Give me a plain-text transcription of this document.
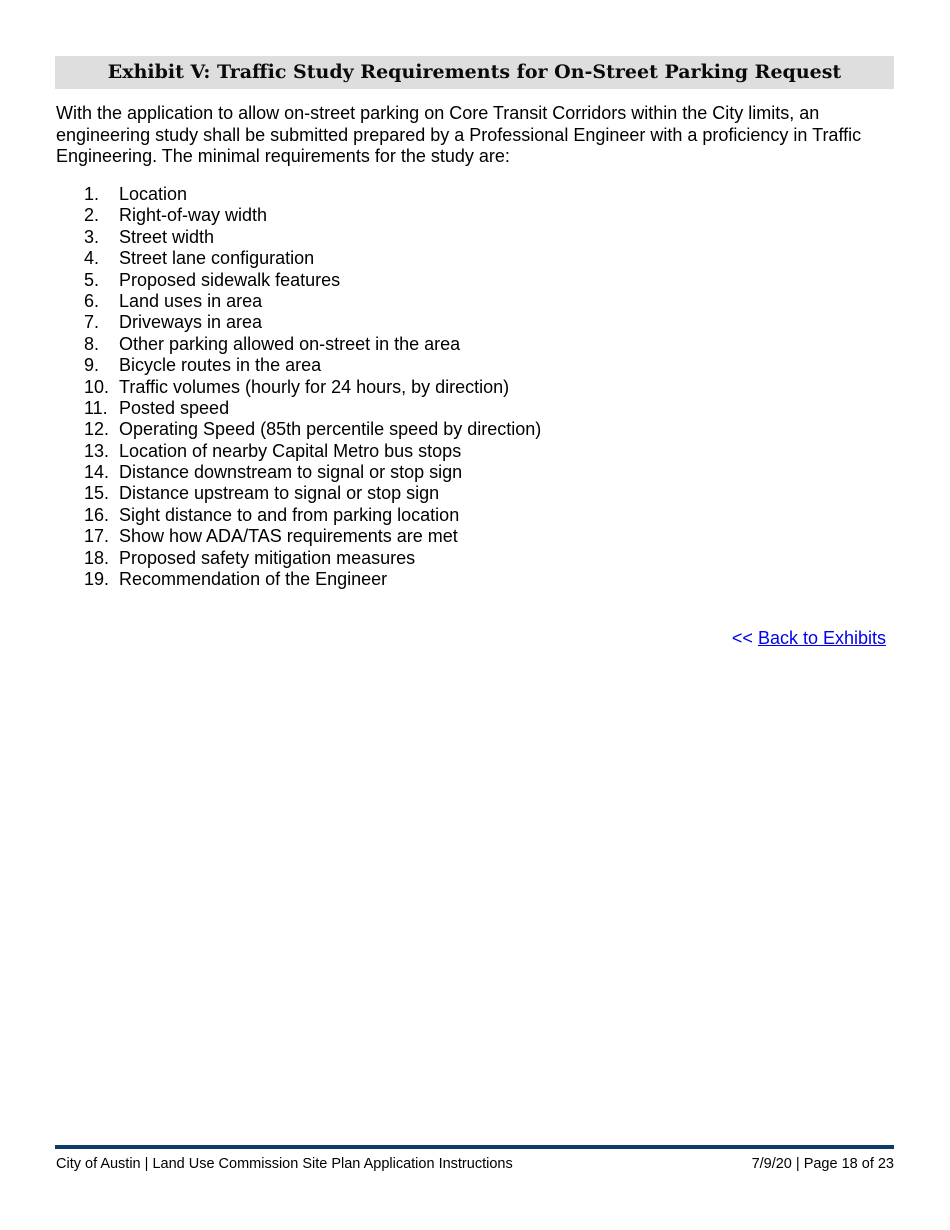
Exhibit V: Traffic Study Requirements for On-Street Parking Request

With the application to allow on-street parking on Core Transit Corridors within the City limits, an engineering study shall be submitted prepared by a Professional Engineer with a proficiency in Traffic Engineering. The minimal requirements for the study are:

1. Location
2. Right-of-way width
3. Street width
4. Street lane configuration
5. Proposed sidewalk features
6. Land uses in area
7. Driveways in area
8. Other parking allowed on-street in the area
9. Bicycle routes in the area
10. Traffic volumes (hourly for 24 hours, by direction)
11. Posted speed
12. Operating Speed (85th percentile speed by direction)
13. Location of nearby Capital Metro bus stops
14. Distance downstream to signal or stop sign
15. Distance upstream to signal or stop sign
16. Sight distance to and from parking location
17. Show how ADA/TAS requirements are met
18. Proposed safety mitigation measures
19. Recommendation of the Engineer
<< Back to Exhibits
City of Austin | Land Use Commission Site Plan Application Instructions	7/9/20 | Page 18 of 23
